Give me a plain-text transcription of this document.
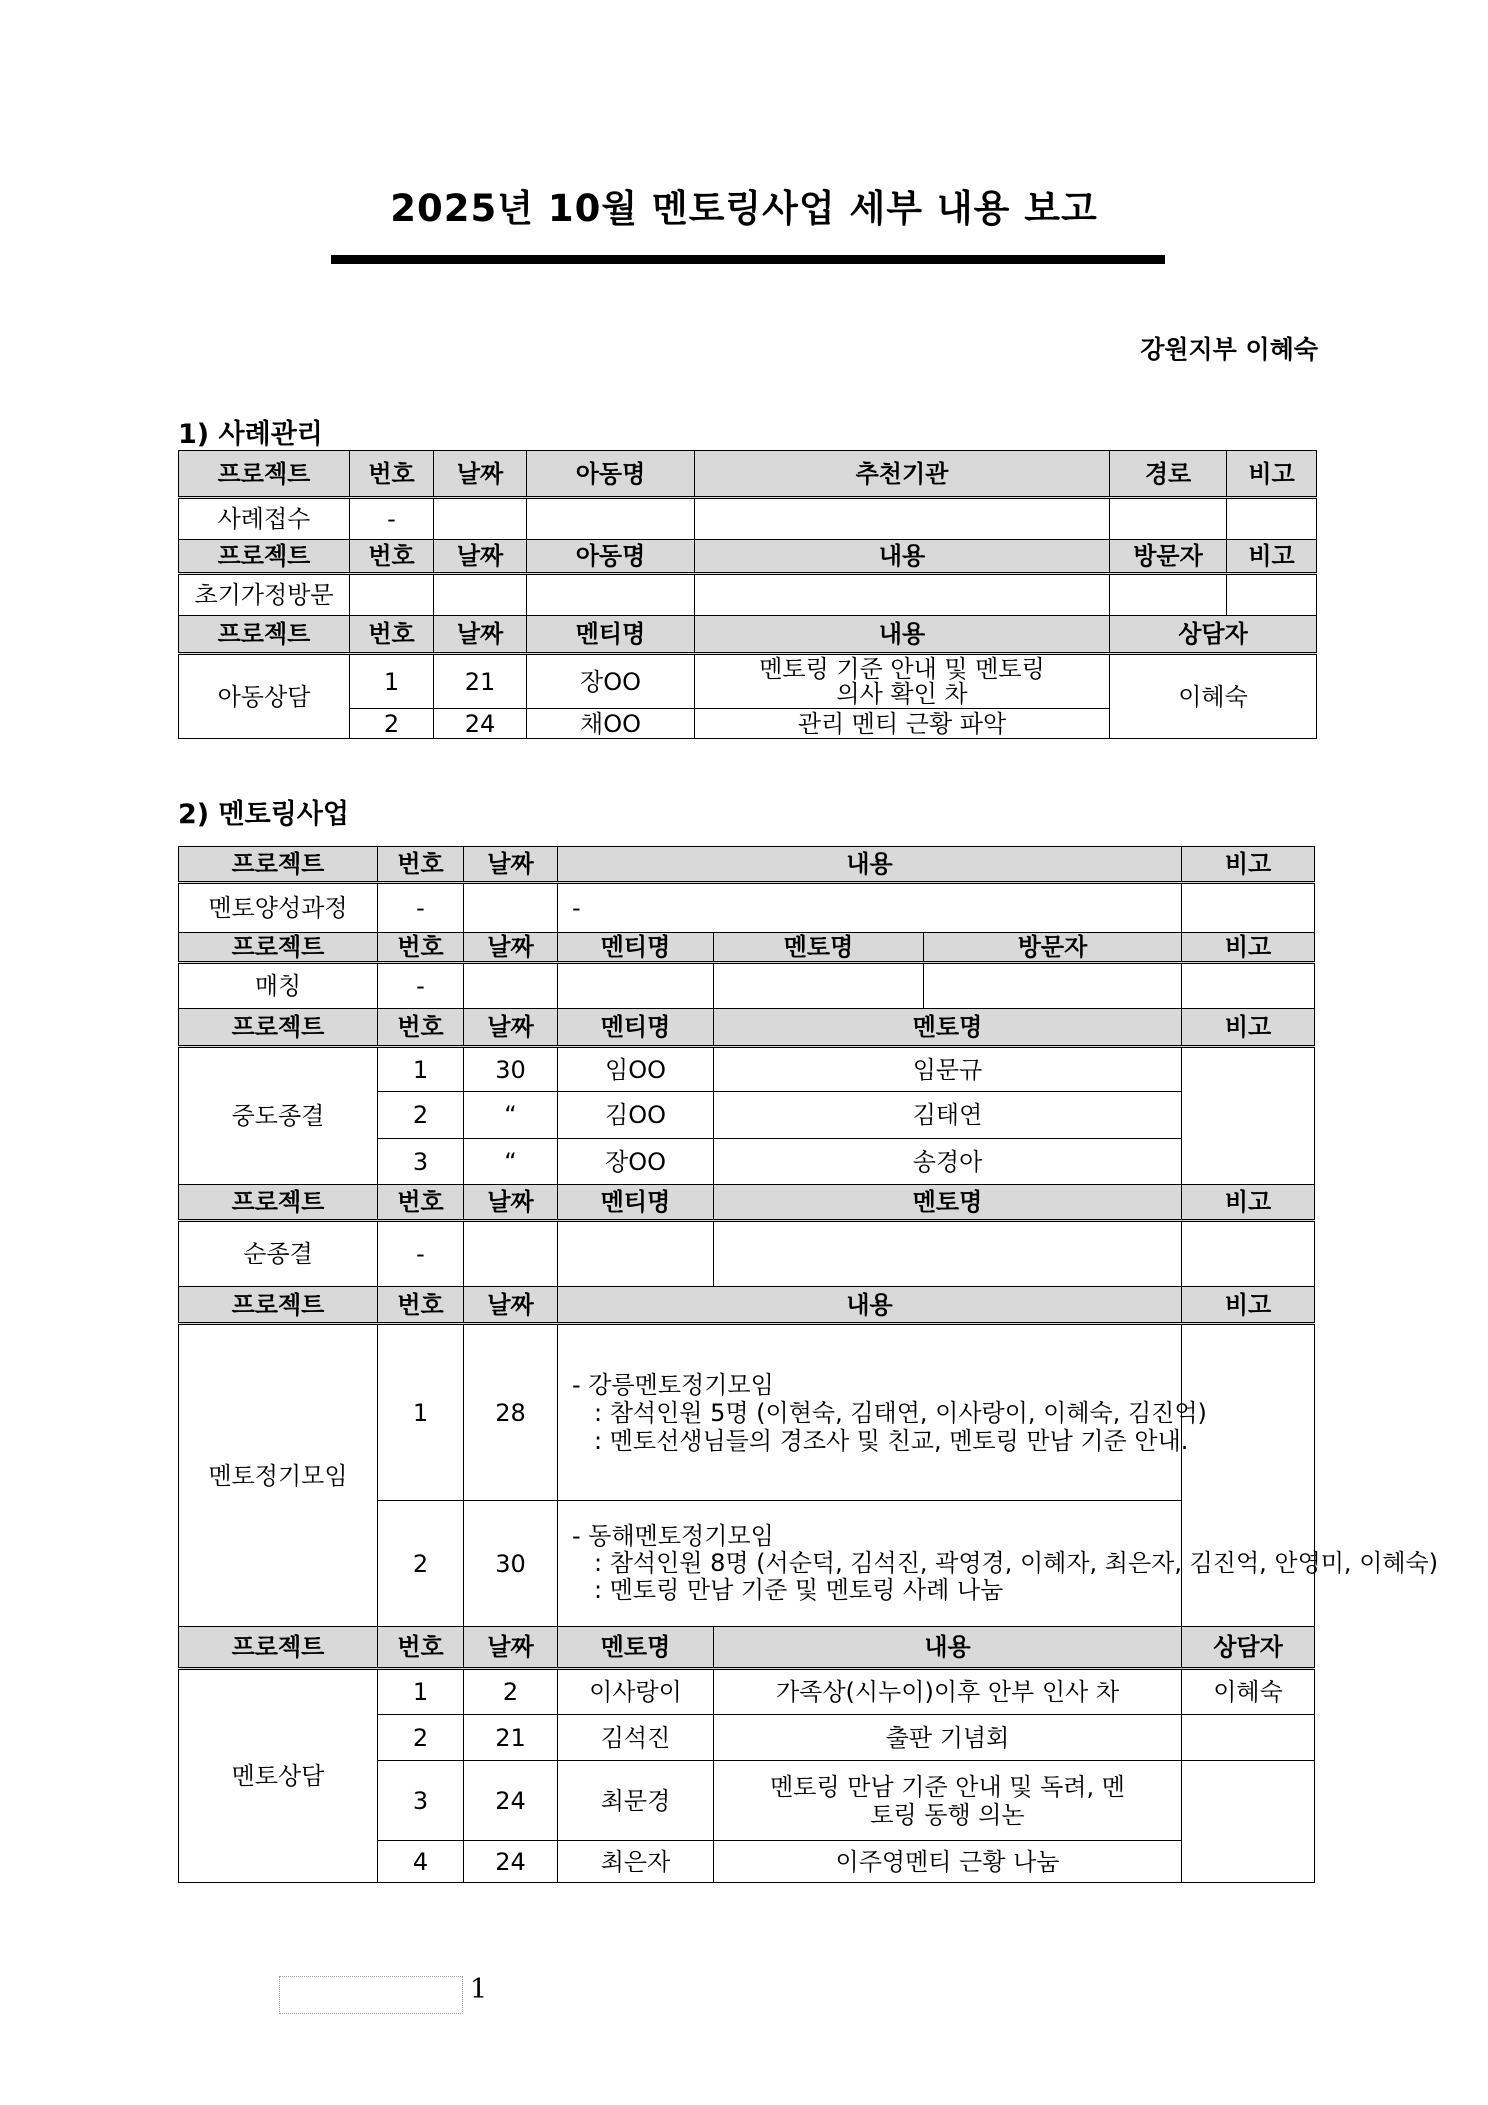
2025년 10월 멘토링사업 세부 내용 보고
강원지부 이혜숙
1) 사례관리
프로젝트	번호	날짜	아동명	추천기관	경로	비고
사례접수	-					
프로젝트	번호	날짜	아동명	내용	방문자	비고
초기가정방문						
프로젝트	번호	날짜	멘티명	내용	상담자	
아동상담	1	21	장OO	멘토링 기준 안내 및 멘토링 의사 확인 차	이혜숙	
	2	24	채OO	관리 멘티 근황 파악		
2) 멘토링사업
프로젝트	번호	날짜	내용			비고
멘토양성과정	-		-			
프로젝트	번호	날짜	멘티명	멘토명	방문자	비고
매칭	-					
프로젝트	번호	날짜	멘티명	멘토명		비고
중도종결	1	30	임OO	임문규		
	2	“	김OO	김태연		
	3	“	장OO	송경아		
프로젝트	번호	날짜	멘티명	멘토명		비고
순종결	-					
프로젝트	번호	날짜	내용			비고
멘토정기모임	1	28	- 강릉멘토정기모임
: 참석인원 5명 (이현숙, 김태연, 이사랑이, 이혜숙, 김진억)
: 멘토선생님들의 경조사 및 친교, 멘토링 만남 기준 안내.			

	2	30	- 동해멘토정기모임
: 참석인원 8명 (서순덕, 김석진, 곽영경, 이혜자, 최은자, 김진억, 안영미, 이혜숙)
: 멘토링 만남 기준 및 멘토링 사례 나눔			

프로젝트	번호	날짜	멘토명	내용		상담자
멘토상담	1	2	이사랑이	가족상(시누이)이후 안부 인사 차		이혜숙
	2	21	김석진	출판 기념회		
	3	24	최문경	멘토링 만남 기준 안내 및 독려, 멘토링 동행 의논		
	4	24	최은자	이주영멘티 근황 나눔		
1
